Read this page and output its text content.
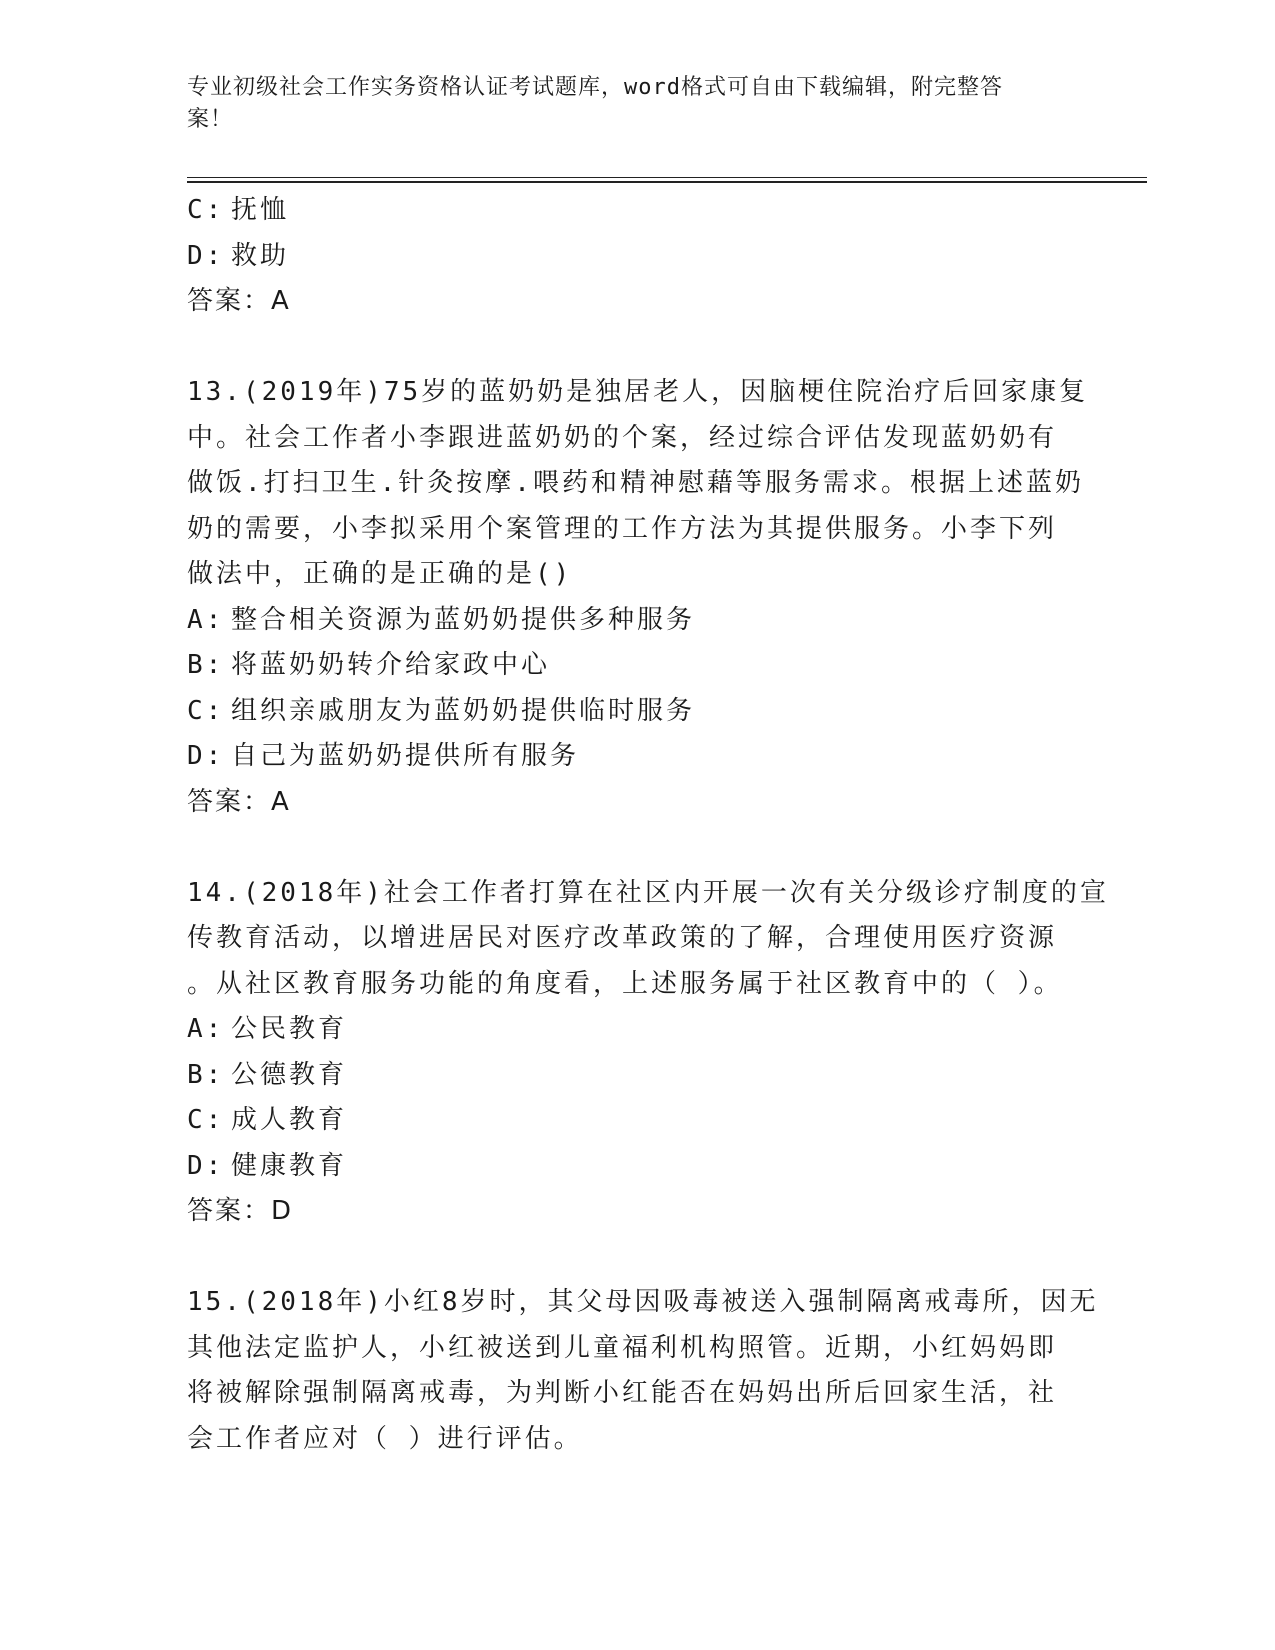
专业初级社会工作实务资格认证考试题库，word格式可自由下载编辑，附完整答
案！
C: 抚恤
D: 救助
答案：A
13.(2019年)75岁的蓝奶奶是独居老人，因脑梗住院治疗后回家康复
中。社会工作者小李跟进蓝奶奶的个案，经过综合评估发现蓝奶奶有
做饭.打扫卫生.针灸按摩.喂药和精神慰藉等服务需求。根据上述蓝奶
奶的需要，小李拟采用个案管理的工作方法为其提供服务。小李下列
做法中，正确的是正确的是()
A: 整合相关资源为蓝奶奶提供多种服务
B: 将蓝奶奶转介给家政中心
C: 组织亲戚朋友为蓝奶奶提供临时服务
D: 自己为蓝奶奶提供所有服务
答案：A
14.(2018年)社会工作者打算在社区内开展一次有关分级诊疗制度的宣
传教育活动，以增进居民对医疗改革政策的了解，合理使用医疗资源
。从社区教育服务功能的角度看，上述服务属于社区教育中的（ ）。
A: 公民教育
B: 公德教育
C: 成人教育
D: 健康教育
答案：D
15.(2018年)小红8岁时，其父母因吸毒被送入强制隔离戒毒所，因无
其他法定监护人，小红被送到儿童福利机构照管。近期，小红妈妈即
将被解除强制隔离戒毒，为判断小红能否在妈妈出所后回家生活，社
会工作者应对（ ）进行评估。
